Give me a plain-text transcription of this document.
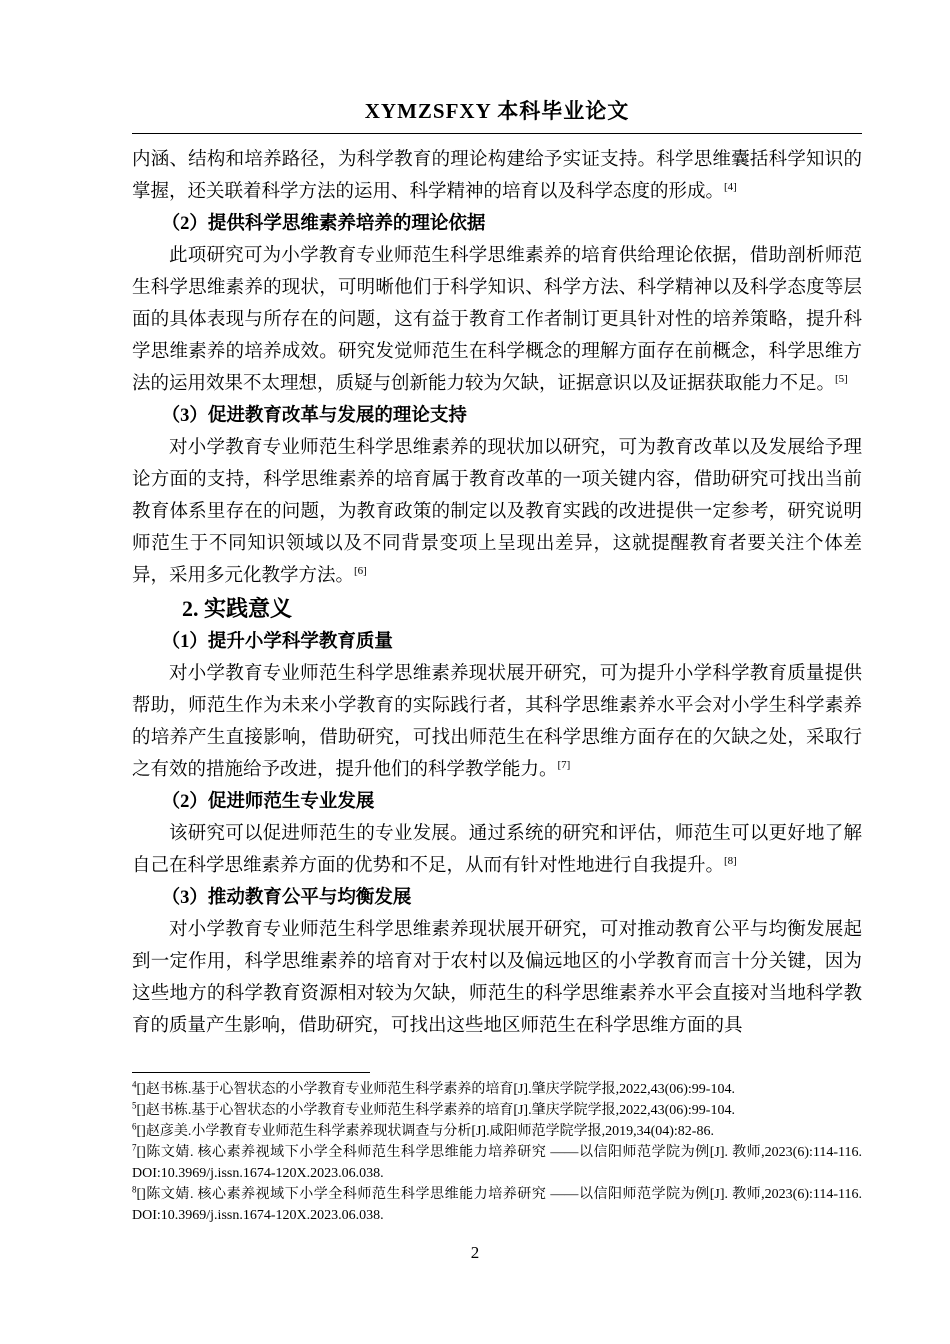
XYMZSFXY 本科毕业论文

内涵、结构和培养路径，为科学教育的理论构建给予实证支持。科学思维囊括科学知识的掌握，还关联着科学方法的运用、科学精神的培育以及科学态度的形成。[4]

（2）提供科学思维素养培养的理论依据

此项研究可为小学教育专业师范生科学思维素养的培育供给理论依据，借助剖析师范生科学思维素养的现状，可明晰他们于科学知识、科学方法、科学精神以及科学态度等层面的具体表现与所存在的问题，这有益于教育工作者制订更具针对性的培养策略，提升科学思维素养的培养成效。研究发觉师范生在科学概念的理解方面存在前概念，科学思维方法的运用效果不太理想，质疑与创新能力较为欠缺，证据意识以及证据获取能力不足。[5]

（3）促进教育改革与发展的理论支持

对小学教育专业师范生科学思维素养的现状加以研究，可为教育改革以及发展给予理论方面的支持，科学思维素养的培育属于教育改革的一项关键内容，借助研究可找出当前教育体系里存在的问题，为教育政策的制定以及教育实践的改进提供一定参考，研究说明师范生于不同知识领域以及不同背景变项上呈现出差异，这就提醒教育者要关注个体差异，采用多元化教学方法。[6]

2. 实践意义
（1）提升小学科学教育质量

对小学教育专业师范生科学思维素养现状展开研究，可为提升小学科学教育质量提供帮助，师范生作为未来小学教育的实际践行者，其科学思维素养水平会对小学生科学素养的培养产生直接影响，借助研究，可找出师范生在科学思维方面存在的欠缺之处，采取行之有效的措施给予改进，提升他们的科学教学能力。[7]

（2）促进师范生专业发展

该研究可以促进师范生的专业发展。通过系统的研究和评估，师范生可以更好地了解自己在科学思维素养方面的优势和不足，从而有针对性地进行自我提升。[8]

（3）推动教育公平与均衡发展

对小学教育专业师范生科学思维素养现状展开研究，可对推动教育公平与均衡发展起到一定作用，科学思维素养的培育对于农村以及偏远地区的小学教育而言十分关键，因为这些地方的科学教育资源相对较为欠缺，师范生的科学思维素养水平会直接对当地科学教育的质量产生影响，借助研究，可找出这些地区师范生在科学思维方面的具

$^4$[]赵书栋.基于心智状态的小学教育专业师范生科学素养的培育[J].肇庆学院学报,2022,43(06):99-104.
$^5$[]赵书栋.基于心智状态的小学教育专业师范生科学素养的培育[J].肇庆学院学报,2022,43(06):99-104.
$^6$[]赵彦美.小学教育专业师范生科学素养现状调查与分析[J].咸阳师范学院学报,2019,34(04):82-86.
$^7$[]陈文婧. 核心素养视域下小学全科师范生科学思维能力培养研究 ——以信阳师范学院为例[J]. 教师,2023(6):114-116. DOI:10.3969/j.issn.1674-120X.2023.06.038.
$^8$[]陈文婧. 核心素养视域下小学全科师范生科学思维能力培养研究 ——以信阳师范学院为例[J]. 教师,2023(6):114-116. DOI:10.3969/j.issn.1674-120X.2023.06.038.
2
